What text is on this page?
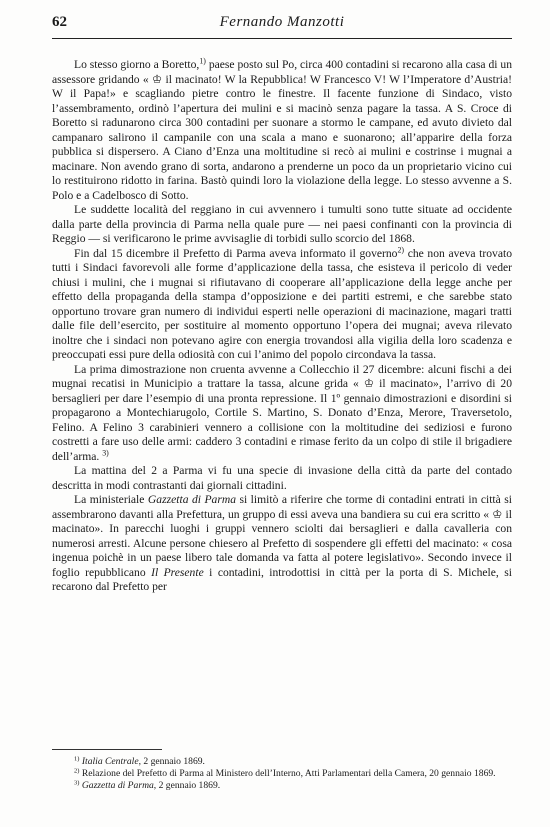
62	Fernando Manzotti

Lo stesso giorno a Boretto,$^{1)}$ paese posto sul Po, circa 400 contadini si recarono alla casa di un assessore gridando « ♔ il macinato! W la Repubblica! W Francesco V! W l’Imperatore d’Austria! W il Papa!» e scagliando pietre contro le finestre. Il facente funzione di Sindaco, visto l’assembramento, ordinò l’apertura dei mulini e si macinò senza pagare la tassa. A S. Croce di Boretto si radunarono circa 300 contadini per suonare a stormo le campane, ed avuto divieto dal campanaro salirono il campanile con una scala a mano e suonarono; all’apparire della forza pubblica si dispersero. A Ciano d’Enza una moltitudine si recò ai mulini e costrinse i mugnai a macinare. Non avendo grano di sorta, andarono a prenderne un poco da un proprietario vicino cui lo restituirono ridotto in farina. Bastò quindi loro la violazione della legge. Lo stesso avvenne a S. Polo e a Cadelbosco di Sotto.

Le suddette località del reggiano in cui avvennero i tumulti sono tutte situate ad occidente dalla parte della provincia di Parma nella quale pure — nei paesi confinanti con la provincia di Reggio — si verificarono le prime avvisaglie di torbidi sullo scorcio del 1868.

Fin dal 15 dicembre il Prefetto di Parma aveva informato il governo$^{2)}$ che non aveva trovato tutti i Sindaci favorevoli alle forme d’applicazione della tassa, che esisteva il pericolo di veder chiusi i mulini, che i mugnai si rifiutavano di cooperare all’applicazione della legge anche per effetto della propaganda della stampa d’opposizione e dei partiti estremi, e che sarebbe stato opportuno trovare gran numero di individui esperti nelle operazioni di macinazione, magari tratti dalle file dell’esercito, per sostituire al momento opportuno l’opera dei mugnai; aveva rilevato inoltre che i sindaci non potevano agire con energia trovandosi alla vigilia della loro scadenza e preoccupati essi pure della odiosità con cui l’animo del popolo circondava la tassa.

La prima dimostrazione non cruenta avvenne a Collecchio il 27 dicembre: alcuni fischi a dei mugnai recatisi in Municipio a trattare la tassa, alcune grida « ♔ il macinato», l’arrivo di 20 bersaglieri per dare l’esempio di una pronta repressione. Il 1º gennaio dimostrazioni e disordini si propagarono a Montechiarugolo, Cortile S. Martino, S. Donato d’Enza, Merore, Traversetolo, Felino. A Felino 3 carabinieri vennero a collisione con la moltitudine dei sediziosi e furono costretti a fare uso delle armi: caddero 3 contadini e rimase ferito da un colpo di stile il brigadiere dell’arma. $^{3)}$

La mattina del 2 a Parma vi fu una specie di invasione della città da parte del contado descritta in modi contrastanti dai giornali cittadini.

La ministeriale Gazzetta di Parma si limitò a riferire che torme di contadini entrati in città si assembrarono davanti alla Prefettura, un gruppo di essi aveva una bandiera su cui era scritto « ♔ il macinato». In parecchi luoghi i gruppi vennero sciolti dai bersaglieri e dalla cavalleria con numerosi arresti. Alcune persone chiesero al Prefetto di sospendere gli effetti del macinato: « cosa ingenua poichè in un paese libero tale domanda va fatta al potere legislativo». Secondo invece il foglio repubblicano Il Presente i contadini, introdottisi in città per la porta di S. Michele, si recarono dal Prefetto per

$^{1)}$ Italia Centrale, 2 gennaio 1869.

$^{2)}$ Relazione del Prefetto di Parma al Ministero dell’Interno, Atti Parlamentari della Camera, 20 gennaio 1869.

$^{3)}$ Gazzetta di Parma, 2 gennaio 1869.
